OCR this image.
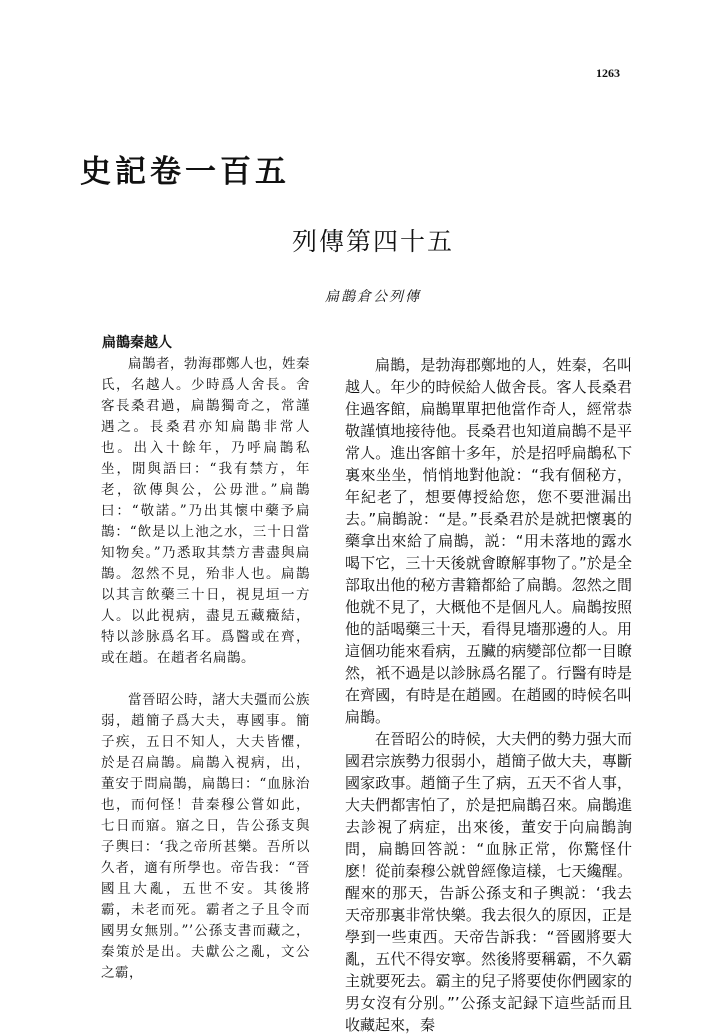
1263
史記卷一百五
列傳第四十五
扁鵲倉公列傳
扁鵲秦越人

扁鵲者，勃海郡鄭人也，姓秦氏，名越人。少時爲人舍長。舍客長桑君過，扁鵲獨奇之，常謹遇之。長桑君亦知扁鵲非常人也。出入十餘年，乃呼扁鵲私坐，閒與語曰：“我有禁方，年老，欲傳與公，公毋泄。”扁鵲曰：“敬諾。”乃出其懷中藥予扁鵲：“飲是以上池之水，三十日當知物矣。”乃悉取其禁方書盡與扁鵲。忽然不見，殆非人也。扁鵲以其言飲藥三十日，視見垣一方人。以此視病，盡見五藏癥結，特以診脉爲名耳。爲醫或在齊，或在趙。在趙者名扁鵲。

當晉昭公時，諸大夫彊而公族弱，趙簡子爲大夫，專國事。簡子疾，五日不知人，大夫皆懼，於是召扁鵲。扁鵲入視病，出，董安于問扁鵲，扁鵲曰：“血脉治也，而何怪！昔秦穆公嘗如此，七日而寤。寤之日，告公孫支與子輿曰：‘我之帝所甚樂。吾所以久者，適有所學也。帝告我：“晉國且大亂，五世不安。其後將霸，未老而死。霸者之子且令而國男女無別。”’公孫支書而藏之，秦策於是出。夫獻公之亂，文公之霸，

扁鵲，是勃海郡鄭地的人，姓秦，名叫越人。年少的時候給人做舍長。客人長桑君住過客館，扁鵲單單把他當作奇人，經常恭敬謹慎地接待他。長桑君也知道扁鵲不是平常人。進出客館十多年，於是招呼扁鵲私下裏來坐坐，悄悄地對他說：“我有個秘方，年紀老了，想要傳授給您，您不要泄漏出去。”扁鵲說：“是。”長桑君於是就把懷裏的藥拿出來給了扁鵲，説：“用未落地的露水喝下它，三十天後就會瞭解事物了。”於是全部取出他的秘方書籍都給了扁鵲。忽然之間他就不見了，大概他不是個凡人。扁鵲按照他的話喝藥三十天，看得見墻那邊的人。用這個功能來看病，五臟的病變部位都一目瞭然，衹不過是以診脉爲名罷了。行醫有時是在齊國，有時是在趙國。在趙國的時候名叫扁鵲。

在晉昭公的時候，大夫們的勢力强大而國君宗族勢力很弱小，趙簡子做大夫，專斷國家政事。趙簡子生了病，五天不省人事，大夫們都害怕了，於是把扁鵲召來。扁鵲進去診視了病症，出來後，董安于向扁鵲詢問，扁鵲回答説：“血脉正常，你驚怪什麽！從前秦穆公就曾經像這樣，七天纔醒。醒來的那天，告訴公孫支和子輿説：‘我去天帝那裏非常快樂。我去很久的原因，正是學到一些東西。天帝告訴我：“晉國將要大亂，五代不得安寧。然後將要稱霸，不久霸主就要死去。霸主的兒子將要使你們國家的男女沒有分别。”’公孫支記録下這些話而且收藏起來，秦
